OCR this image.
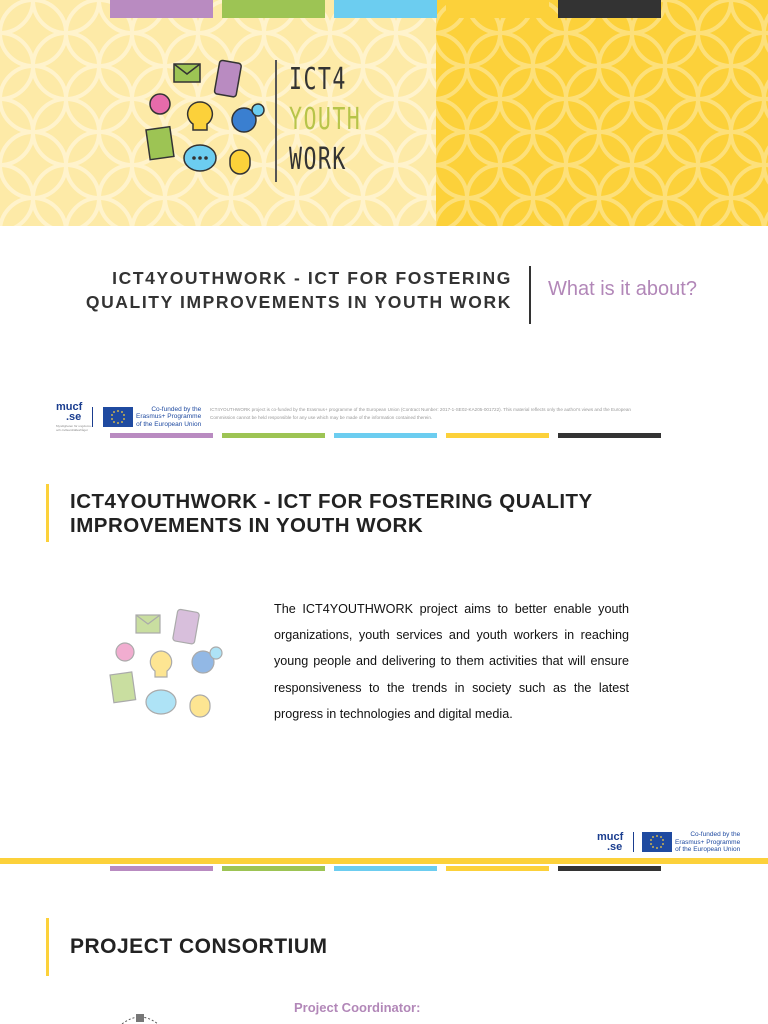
ICT4
YOUTH
WORK
ICT4YOUTHWORK - ICT FOR FOSTERING
QUALITY IMPROVEMENTS IN YOUTH WORK
What is it about?
mucf
.se
Myndigheten för ungdoms- och civilsamhällesfrågor
Co-funded by the
Erasmus+ Programme
of the European Union
ICT4YOUTHWORK project is co-funded by the Erasmus+ programme of the European Union (Contract Number: 2017-1-SE02-KA205-001722). This material reflects only the author's views and the European Commission cannot be held responsible for any use which may be made of the information contained therein.
ICT4YOUTHWORK - ICT FOR FOSTERING QUALITY
IMPROVEMENTS IN YOUTH WORK
The ICT4YOUTHWORK project aims to better enable youth organizations, youth services and youth workers in reaching young people and delivering to them activities that will ensure responsiveness to the trends in society such as the latest progress in technologies and digital media.
mucf
.se
Co-funded by the
Erasmus+ Programme
of the European Union
PROJECT CONSORTIUM
Project Coordinator:
